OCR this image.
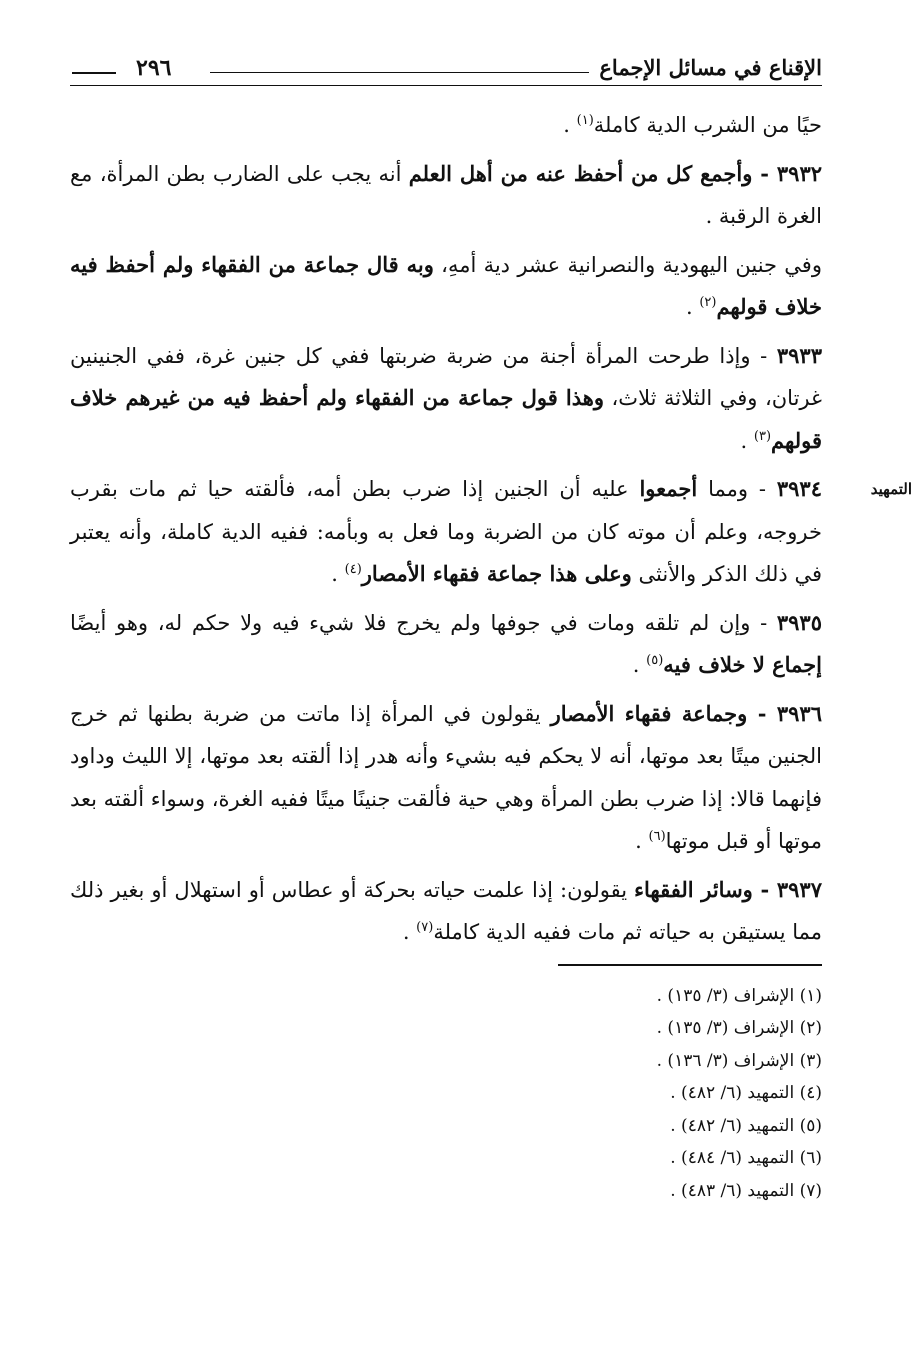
الإقناع في مسائل الإجماع
٢٩٦

حيًا من الشرب الدية كاملة$^{(١)}$ .

٣٩٣٢ - وأجمع كل من أحفظ عنه من أهل العلم أنه يجب على الضارب بطن المرأة، مع الغرة الرقبة .

وفي جنين اليهودية والنصرانية عشر دية أمهِ، وبه قال جماعة من الفقهاء ولم أحفظ فيه خلاف قولهم$^{(٢)}$ .

٣٩٣٣ - وإذا طرحت المرأة أجنة من ضربة ضربتها ففي كل جنين غرة، ففي الجنينين غرتان، وفي الثلاثة ثلاث، وهذا قول جماعة من الفقهاء ولم أحفظ فيه من غيرهم خلاف قولهم$^{(٣)}$ .

التمهيد
٣٩٣٤ - ومما أجمعوا عليه أن الجنين إذا ضرب بطن أمه، فألقته حيا ثم مات بقرب خروجه، وعلم أن موته كان من الضربة وما فعل به وبأمه: ففيه الدية كاملة، وأنه يعتبر في ذلك الذكر والأنثى وعلى هذا جماعة فقهاء الأمصار$^{(٤)}$ .

٣٩٣٥ - وإن لم تلقه ومات في جوفها ولم يخرج فلا شيء فيه ولا حكم له، وهو أيضًا إجماع لا خلاف فيه$^{(٥)}$ .

٣٩٣٦ - وجماعة فقهاء الأمصار يقولون في المرأة إذا ماتت من ضربة بطنها ثم خرج الجنين ميتًا بعد موتها، أنه لا يحكم فيه بشيء وأنه هدر إذا ألقته بعد موتها، إلا الليث وداود فإنهما قالا: إذا ضرب بطن المرأة وهي حية فألقت جنينًا ميتًا ففيه الغرة، وسواء ألقته بعد موتها أو قبل موتها$^{(٦)}$ .

٣٩٣٧ - وسائر الفقهاء يقولون: إذا علمت حياته بحركة أو عطاس أو استهلال أو بغير ذلك مما يستيقن به حياته ثم مات ففيه الدية كاملة$^{(٧)}$ .

(١) الإشراف (٣/ ١٣٥) .
(٢) الإشراف (٣/ ١٣٥) .
(٣) الإشراف (٣/ ١٣٦) .
(٤) التمهيد (٦/ ٤٨٢) .
(٥) التمهيد (٦/ ٤٨٢) .
(٦) التمهيد (٦/ ٤٨٤) .
(٧) التمهيد (٦/ ٤٨٣) .
